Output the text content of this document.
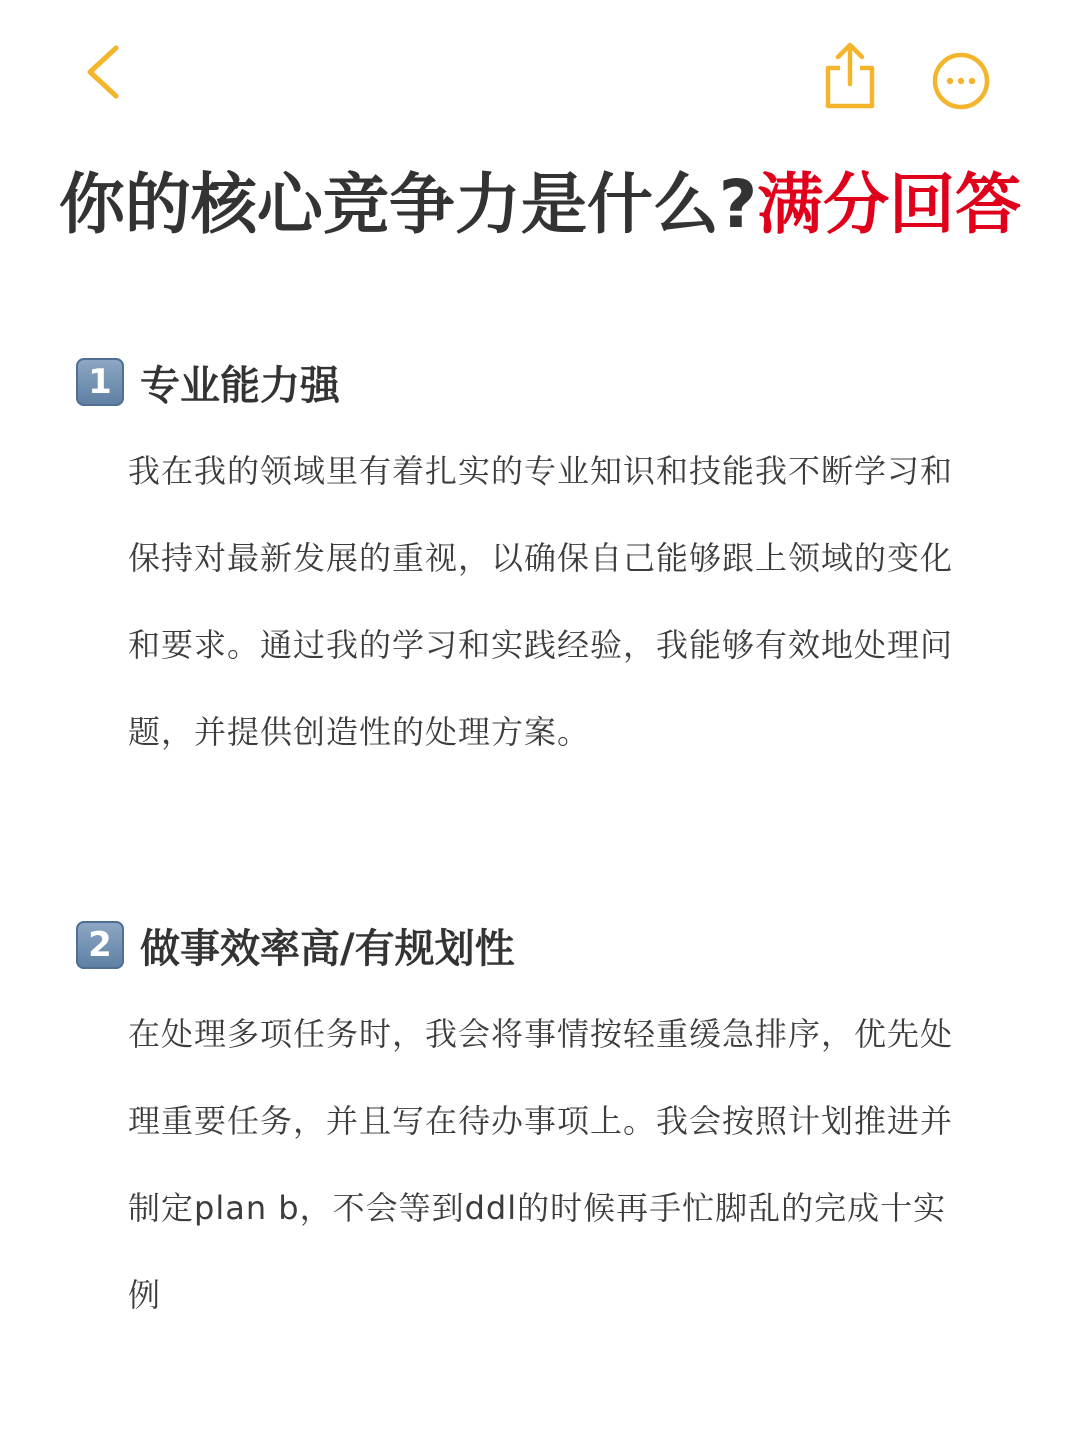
你的核心竞争力是什么?满分回答
1 专业能力强

我在我的领域里有着扎实的专业知识和技能我不断学习和保持对最新发展的重视，以确保自己能够跟上领域的变化和要求。通过我的学习和实践经验，我能够有效地处理问题，并提供创造性的处理方案。

2 做事效率高/有规划性

在处理多项任务时，我会将事情按轻重缓急排序，优先处理重要任务，并且写在待办事项上。我会按照计划推进并制定plan b，不会等到ddl的时候再手忙脚乱的完成十实例
